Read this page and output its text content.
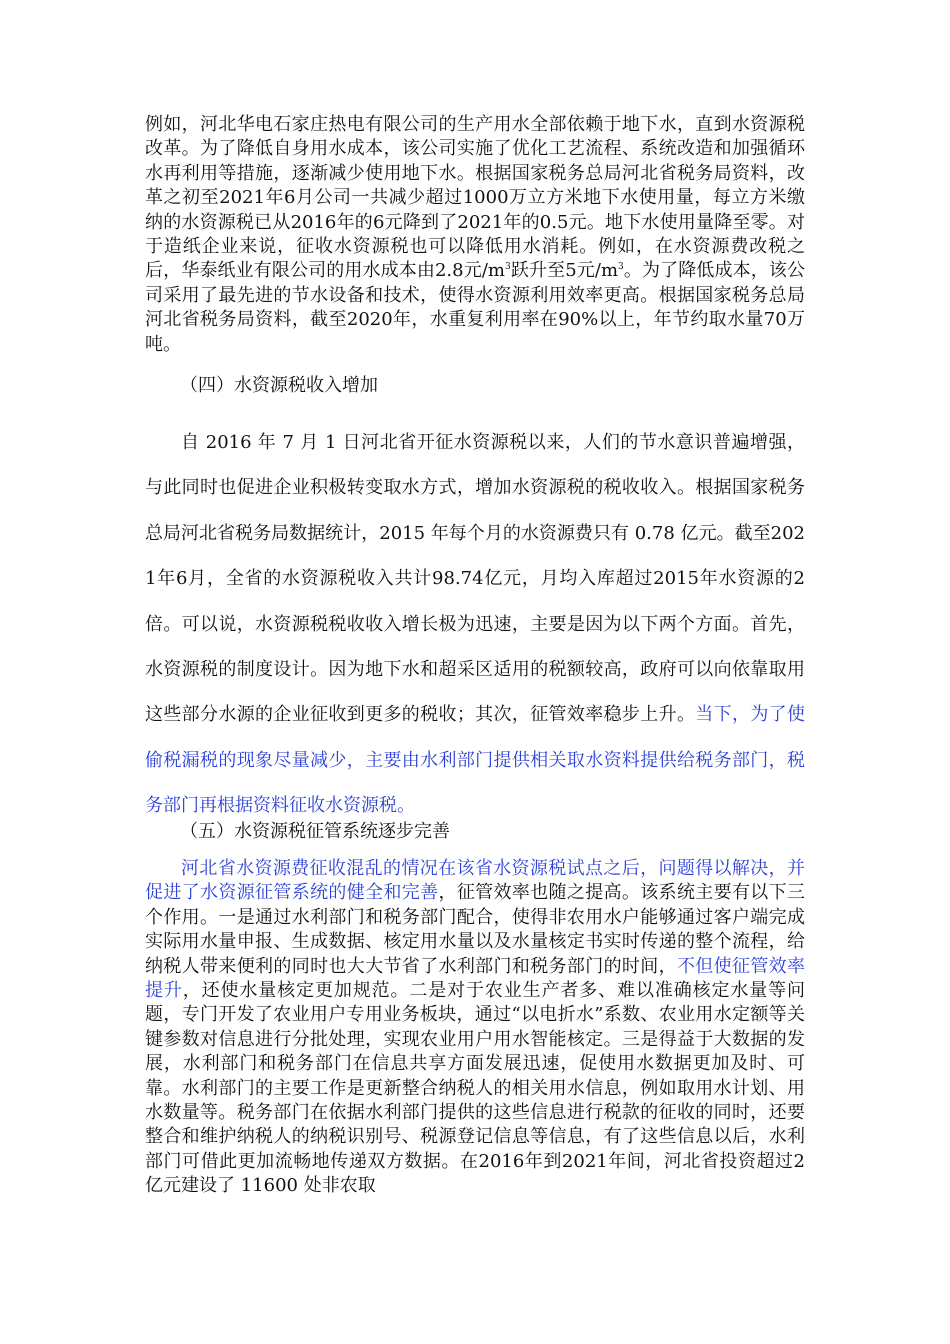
例如，河北华电石家庄热电有限公司的生产用水全部依赖于地下水，直到水资源税改革。为了降低自身用水成本，该公司实施了优化工艺流程、系统改造和加强循环水再利用等措施，逐渐减少使用地下水。根据国家税务总局河北省税务局资料，改革之初至2021年6月公司一共减少超过1000万立方米地下水使用量，每立方米缴纳的水资源税已从2016年的6元降到了2021年的0.5元。地下水使用量降至零。对于造纸企业来说，征收水资源税也可以降低用水消耗。例如，在水资源费改税之后，华泰纸业有限公司的用水成本由2.8元$/m^3$跃升至5元$/m^3$。为了降低成本，该公司采用了最先进的节水设备和技术，使得水资源利用效率更高。根据国家税务总局河北省税务局资料，截至2020年，水重复利用率在90%以上，年节约取水量70万吨。

（四）水资源税收入增加

自 2016 年 7 月 1 日河北省开征水资源税以来，人们的节水意识普遍增强，与此同时也促进企业积极转变取水方式，增加水资源税的税收收入。根据国家税务总局河北省税务局数据统计，2015 年每个月的水资源费只有 0.78 亿元。截至2021年6月，全省的水资源税收入共计98.74亿元，月均入库超过2015年水资源的2倍。可以说，水资源税税收收入增长极为迅速，主要是因为以下两个方面。首先，水资源税的制度设计。因为地下水和超采区适用的税额较高，政府可以向依靠取用这些部分水源的企业征收到更多的税收；其次，征管效率稳步上升。当下，为了使偷税漏税的现象尽量减少，主要由水利部门提供相关取水资料提供给税务部门，税务部门再根据资料征收水资源税。

（五）水资源税征管系统逐步完善

河北省水资源费征收混乱的情况在该省水资源税试点之后，问题得以解决，并促进了水资源征管系统的健全和完善，征管效率也随之提高。该系统主要有以下三个作用。一是通过水利部门和税务部门配合，使得非农用水户能够通过客户端完成实际用水量申报、生成数据、核定用水量以及水量核定书实时传递的整个流程，给纳税人带来便利的同时也大大节省了水利部门和税务部门的时间，不但使征管效率提升，还使水量核定更加规范。二是对于农业生产者多、难以准确核定水量等问题，专门开发了农业用户专用业务板块，通过“以电折水”系数、农业用水定额等关键参数对信息进行分批处理，实现农业用户用水智能核定。三是得益于大数据的发展，水利部门和税务部门在信息共享方面发展迅速，促使用水数据更加及时、可靠。水利部门的主要工作是更新整合纳税人的相关用水信息，例如取用水计划、用水数量等。税务部门在依据水利部门提供的这些信息进行税款的征收的同时，还要整合和维护纳税人的纳税识别号、税源登记信息等信息，有了这些信息以后，水利部门可借此更加流畅地传递双方数据。在2016年到2021年间，河北省投资超过2亿元建设了 11600 处非农取
